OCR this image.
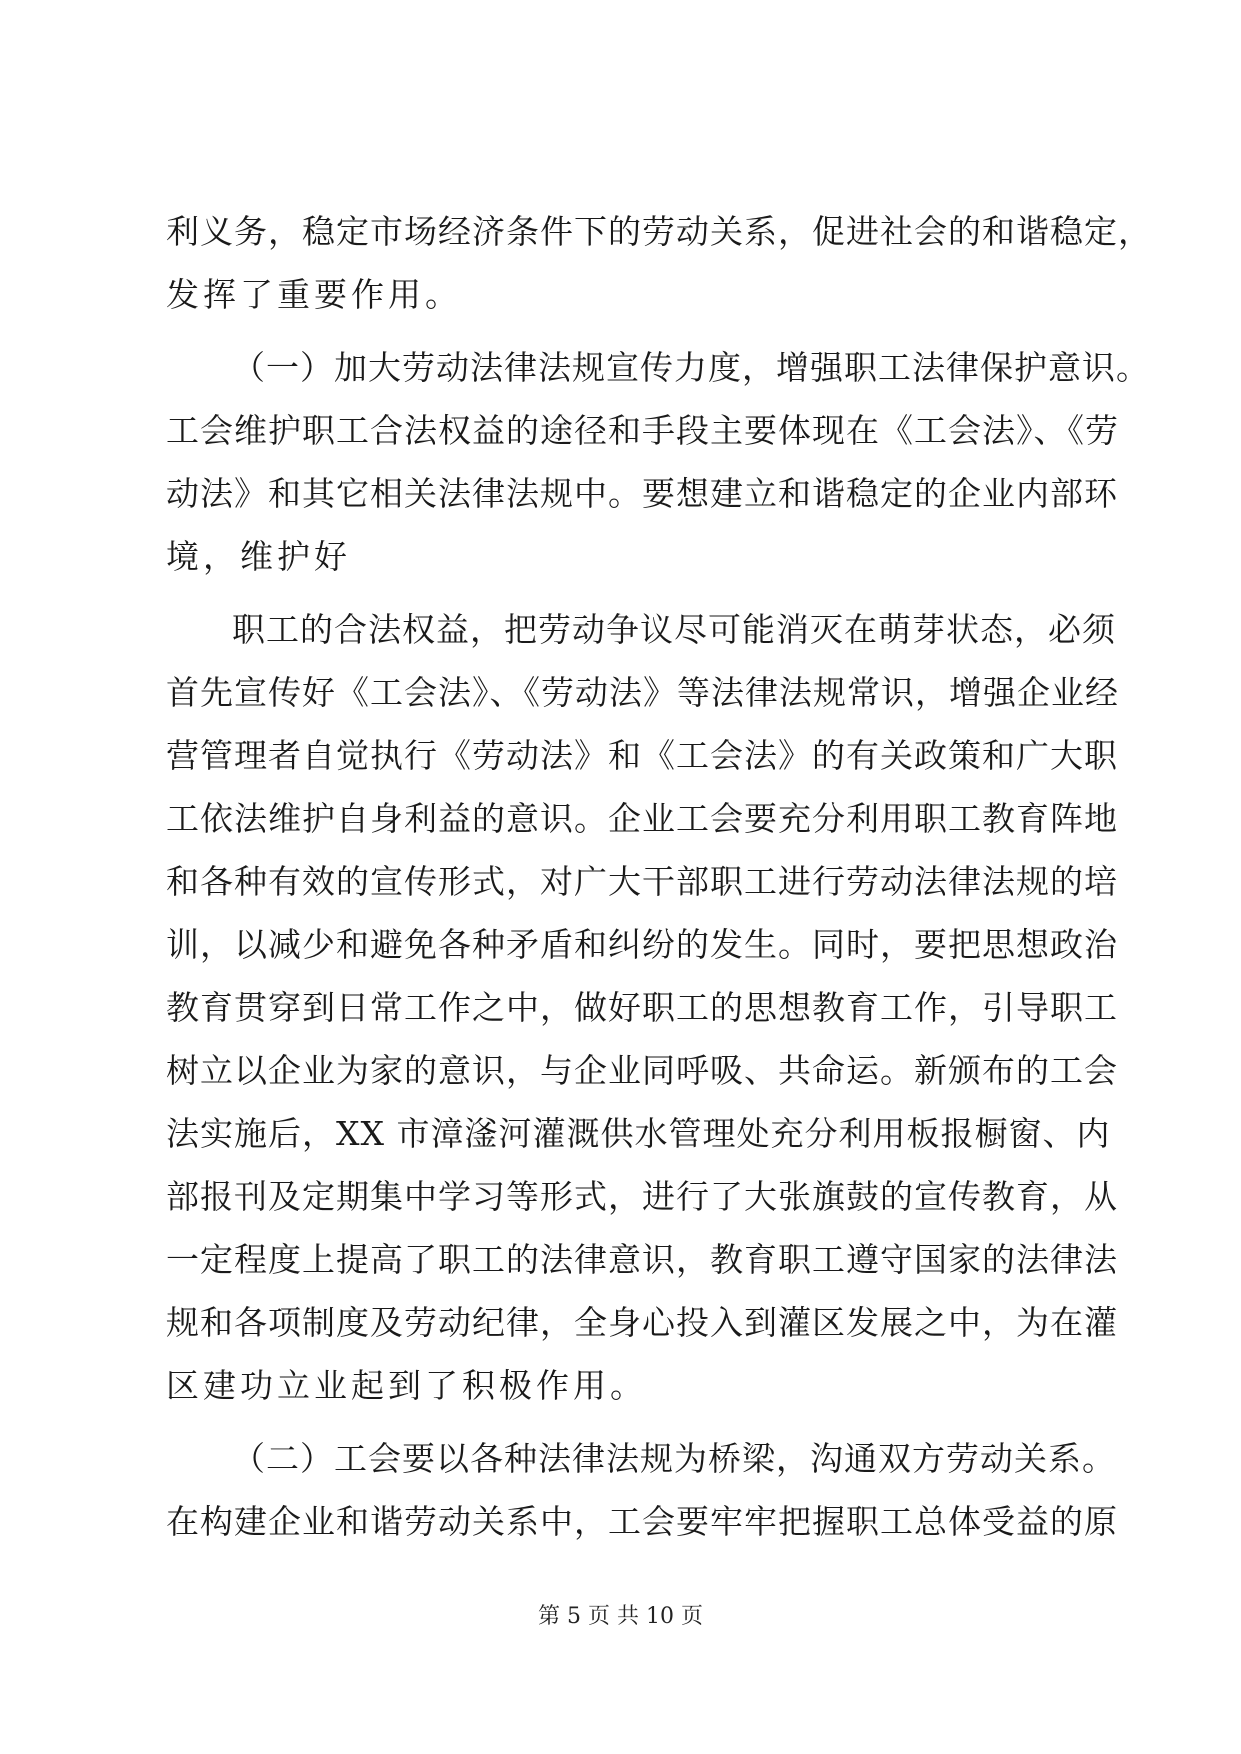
利义务，稳定市场经济条件下的劳动关系，促进社会的和谐稳定，
发挥了重要作用。
（一）加大劳动法律法规宣传力度，增强职工法律保护意识。
工会维护职工合法权益的途径和手段主要体现在《工会法》、《劳
动法》和其它相关法律法规中。要想建立和谐稳定的企业内部环
境，维护好
职工的合法权益，把劳动争议尽可能消灭在萌芽状态，必须
首先宣传好《工会法》、《劳动法》等法律法规常识，增强企业经
营管理者自觉执行《劳动法》和《工会法》的有关政策和广大职
工依法维护自身利益的意识。企业工会要充分利用职工教育阵地
和各种有效的宣传形式，对广大干部职工进行劳动法律法规的培
训，以减少和避免各种矛盾和纠纷的发生。同时，要把思想政治
教育贯穿到日常工作之中，做好职工的思想教育工作，引导职工
树立以企业为家的意识，与企业同呼吸、共命运。新颁布的工会
法实施后，XX 市漳滏河灌溉供水管理处充分利用板报橱窗、内
部报刊及定期集中学习等形式，进行了大张旗鼓的宣传教育，从
一定程度上提高了职工的法律意识，教育职工遵守国家的法律法
规和各项制度及劳动纪律，全身心投入到灌区发展之中，为在灌
区建功立业起到了积极作用。
（二）工会要以各种法律法规为桥梁，沟通双方劳动关系。
在构建企业和谐劳动关系中，工会要牢牢把握职工总体受益的原
第 5 页 共 10 页
